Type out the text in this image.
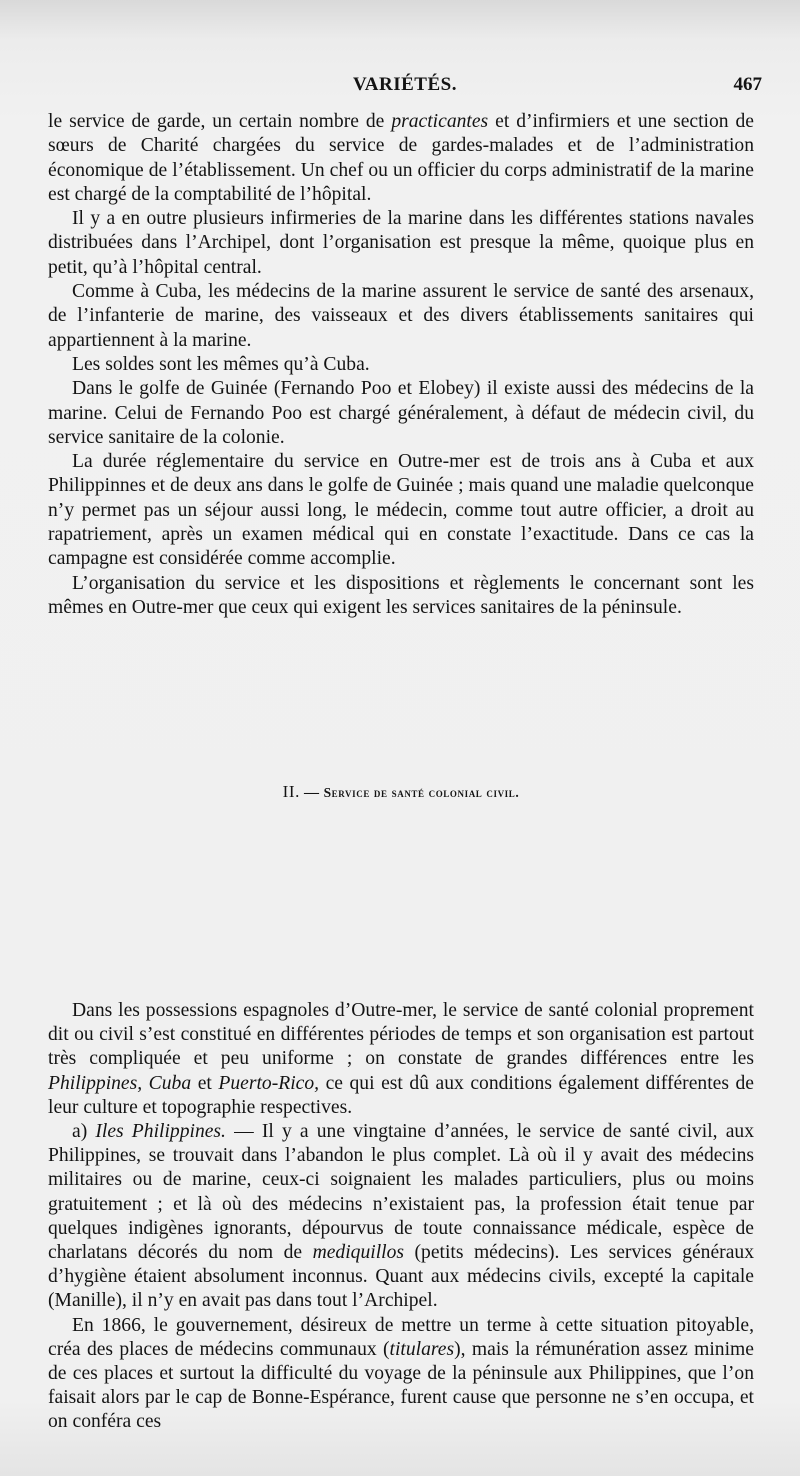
VARIÉTÉS.	467

le service de garde, un certain nombre de practicantes et d’infirmiers et une section de sœurs de Charité chargées du service de gardes-malades et de l’administration économique de l’établissement. Un chef ou un officier du corps administratif de la marine est chargé de la comptabilité de l’hôpital.

Il y a en outre plusieurs infirmeries de la marine dans les différentes stations navales distribuées dans l’Archipel, dont l’organisation est presque la même, quoique plus en petit, qu’à l’hôpital central.

Comme à Cuba, les médecins de la marine assurent le service de santé des arsenaux, de l’infanterie de marine, des vaisseaux et des divers établissements sanitaires qui appartiennent à la marine.

Les soldes sont les mêmes qu’à Cuba.

Dans le golfe de Guinée (Fernando Poo et Elobey) il existe aussi des médecins de la marine. Celui de Fernando Poo est chargé généralement, à défaut de médecin civil, du service sanitaire de la colonie.

La durée réglementaire du service en Outre-mer est de trois ans à Cuba et aux Philippinnes et de deux ans dans le golfe de Guinée ; mais quand une maladie quelconque n’y permet pas un séjour aussi long, le médecin, comme tout autre officier, a droit au rapatriement, après un examen médical qui en constate l’exactitude. Dans ce cas la campagne est considérée comme accomplie.

L’organisation du service et les dispositions et règlements le concernant sont les mêmes en Outre-mer que ceux qui exigent les services sanitaires de la péninsule.

II. — Service de santé colonial civil.

Dans les possessions espagnoles d’Outre-mer, le service de santé colonial proprement dit ou civil s’est constitué en différentes périodes de temps et son organisation est partout très compliquée et peu uniforme ; on constate de grandes différences entre les Philippines, Cuba et Puerto-Rico, ce qui est dû aux conditions également différentes de leur culture et topographie respectives.

a) Iles Philippines. — Il y a une vingtaine d’années, le service de santé civil, aux Philippines, se trouvait dans l’abandon le plus complet. Là où il y avait des médecins militaires ou de marine, ceux-ci soignaient les malades particuliers, plus ou moins gratuitement ; et là où des médecins n’existaient pas, la profession était tenue par quelques indigènes ignorants, dépourvus de toute connaissance médicale, espèce de charlatans décorés du nom de mediquillos (petits médecins). Les services généraux d’hygiène étaient absolument inconnus. Quant aux médecins civils, excepté la capitale (Manille), il n’y en avait pas dans tout l’Archipel.

En 1866, le gouvernement, désireux de mettre un terme à cette situation pitoyable, créa des places de médecins communaux (titulares), mais la rémunération assez minime de ces places et surtout la difficulté du voyage de la péninsule aux Philippines, que l’on faisait alors par le cap de Bonne-Espérance, furent cause que personne ne s’en occupa, et on conféra ces
